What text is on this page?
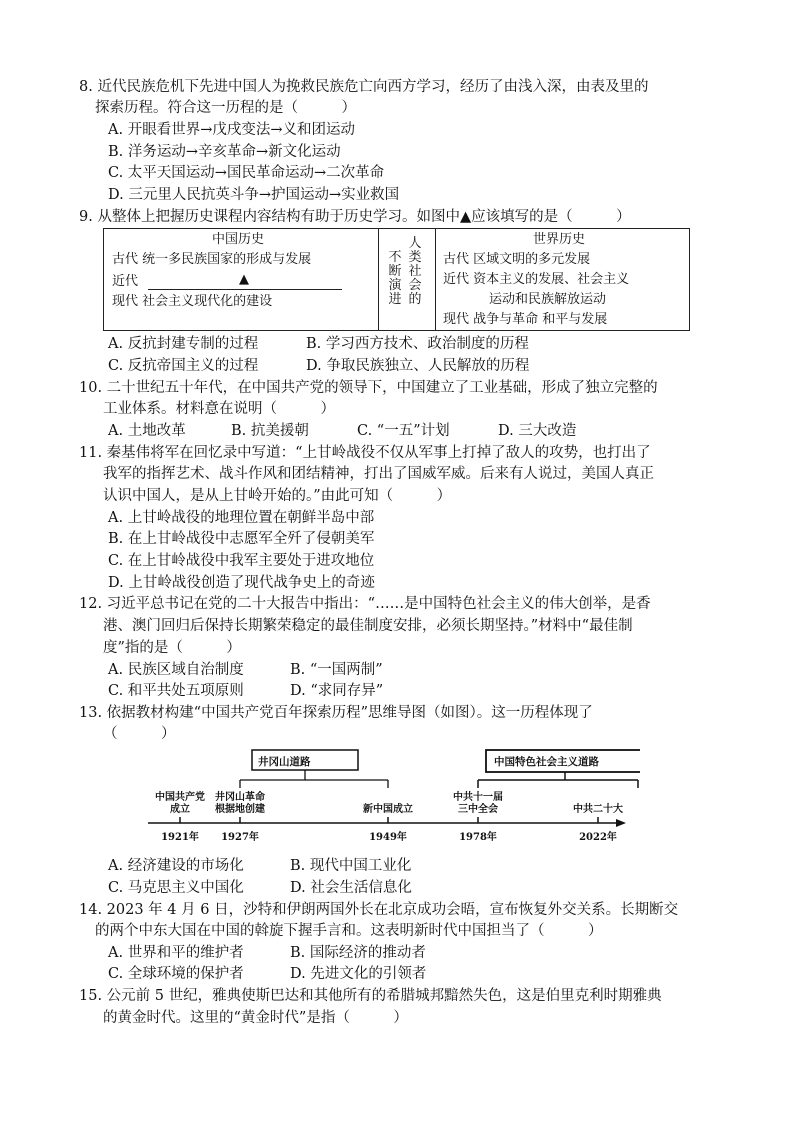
8. 近代民族危机下先进中国人为挽救民族危亡向西方学习，经历了由浅入深，由表及里的
探索历程。符合这一历程的是（　　　）
A. 开眼看世界→戊戌变法→义和团运动
B. 洋务运动→辛亥革命→新文化运动
C. 太平天国运动→国民革命运动→二次革命
D. 三元里人民抗英斗争→护国运动→实业救国
9. 从整体上把握历史课程内容结构有助于历史学习。如图中▲应该填写的是（　　　）
中国历史
古代 统一多民族国家的形成与发展
近代	▲
现代 社会主义现代化的建设
不断演进
人类社会的
世界历史
古代 区域文明的多元发展
近代 资本主义的发展、社会主义
运动和民族解放运动
现代 战争与革命 和平与发展
A. 反抗封建专制的过程	B. 学习西方技术、政治制度的历程
C. 反抗帝国主义的过程	D. 争取民族独立、人民解放的历程
10. 二十世纪五十年代，在中国共产党的领导下，中国建立了工业基础，形成了独立完整的
工业体系。材料意在说明（　　　）
A. 土地改革	B. 抗美援朝	C. “一五”计划	D. 三大改造
11. 秦基伟将军在回忆录中写道：“上甘岭战役不仅从军事上打掉了敌人的攻势，也打出了
我军的指挥艺术、战斗作风和团结精神，打出了国威军威。后来有人说过，美国人真正
认识中国人，是从上甘岭开始的。”由此可知（　　　）
A. 上甘岭战役的地理位置在朝鲜半岛中部
B. 在上甘岭战役中志愿军全歼了侵朝美军
C. 在上甘岭战役中我军主要处于进攻地位
D. 上甘岭战役创造了现代战争史上的奇迹
12. 习近平总书记在党的二十大报告中指出：“……是中国特色社会主义的伟大创举，是香
港、澳门回归后保持长期繁荣稳定的最佳制度安排，必须长期坚持。”材料中“最佳制
度”指的是（　　　）
A. 民族区域自治制度	B. “一国两制”
C. 和平共处五项原则	D. “求同存异”
13. 依据教材构建“中国共产党百年探索历程”思维导图（如图）。这一历程体现了
（　　　）
井冈山道路	中国特色社会主义道路
中国共产党
成立
1921年
井冈山革命
根据地创建
1927年
新中国成立
1949年
中共十一届
三中全会
1978年
中共二十大
2022年
A. 经济建设的市场化	B. 现代中国工业化
C. 马克思主义中国化	D. 社会生活信息化
14. 2023 年 4 月 6 日，沙特和伊朗两国外长在北京成功会晤，宣布恢复外交关系。长期断交
的两个中东大国在中国的斡旋下握手言和。这表明新时代中国担当了（　　　）
A. 世界和平的维护者	B. 国际经济的推动者
C. 全球环境的保护者	D. 先进文化的引领者
15. 公元前 5 世纪，雅典使斯巴达和其他所有的希腊城邦黯然失色，这是伯里克利时期雅典
的黄金时代。这里的“黄金时代”是指（　　　）
